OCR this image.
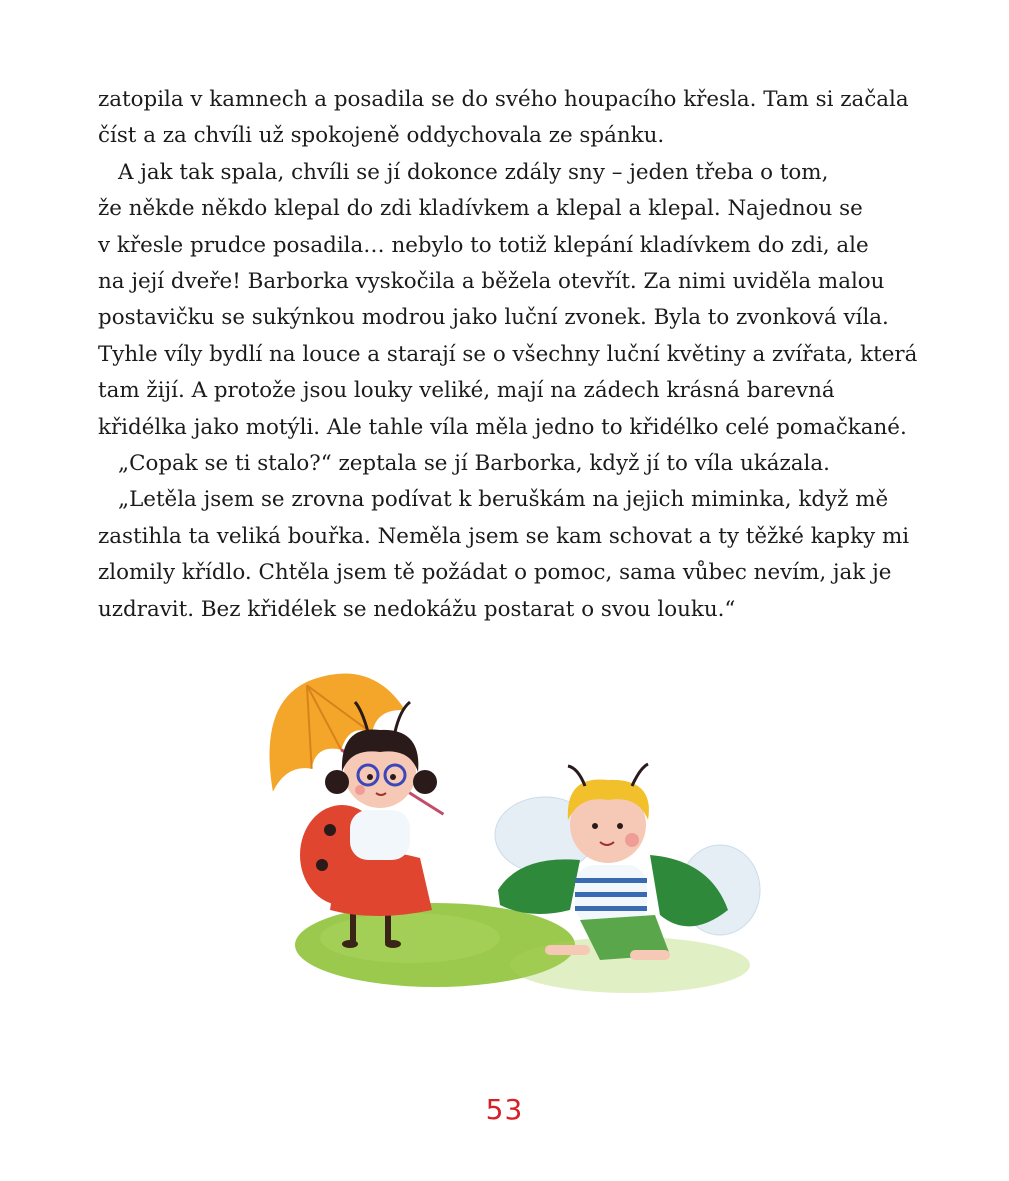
zatopila v kamnech a posadila se do svého houpacího křesla. Tam si začala
číst a za chvíli už spokojeně oddychovala ze spánku.
A jak tak spala, chvíli se jí dokonce zdály sny – jeden třeba o tom,
že někde někdo klepal do zdi kladívkem a klepal a klepal. Najednou se
v křesle prudce posadila… nebylo to totiž klepání kladívkem do zdi, ale
na její dveře! Barborka vyskočila a běžela otevřít. Za nimi uviděla malou
postavičku se sukýnkou modrou jako luční zvonek. Byla to zvonková víla.
Tyhle víly bydlí na louce a starají se o všechny luční květiny a zvířata, která
tam žijí. A protože jsou louky veliké, mají na zádech krásná barevná
křidélka jako motýli. Ale tahle víla měla jedno to křidélko celé pomačkané.
„Copak se ti stalo?“ zeptala se jí Barborka, když jí to víla ukázala.
„Letěla jsem se zrovna podívat k beruškám na jejich miminka, když mě
zastihla ta veliká bouřka. Neměla jsem se kam schovat a ty těžké kapky mi
zlomily křídlo. Chtěla jsem tě požádat o pomoc, sama vůbec nevím, jak je
uzdravit. Bez křidélek se nedokážu postarat o svou louku.“
53
